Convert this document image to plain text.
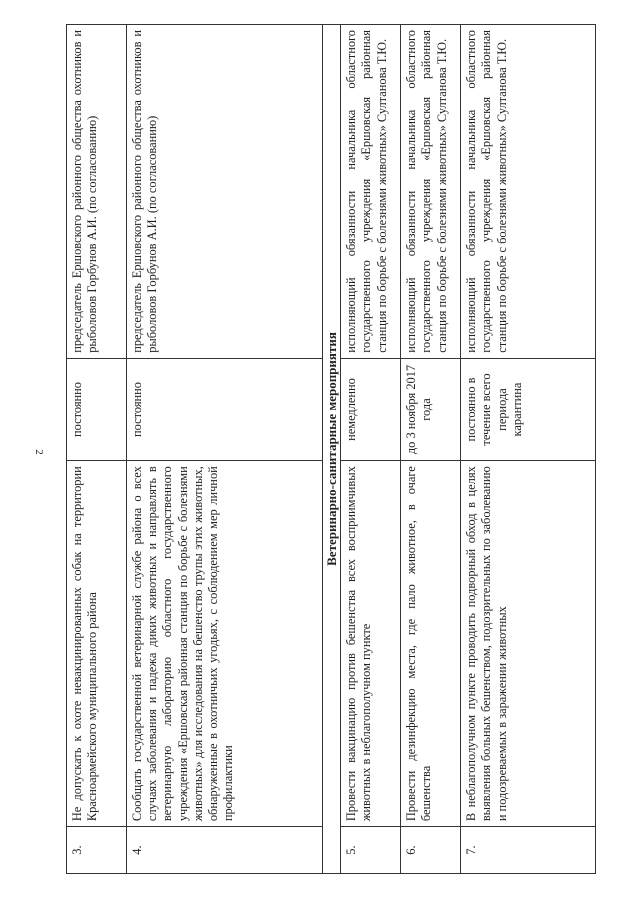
2
3.	Не допускать к охоте невакцинированных собак на территории Красноармейского муниципального района	постоянно	председатель Ершовского районного общества охотников и рыболовов Горбунов А.И. (по согласованию)
4.	Сообщать государственной ветеринарной службе района о всех случаях заболевания и падежа диких животных и направлять в ветеринарную лабораторию областного государственного учреждения «Ершовская районная станция по борьбе с болезнями животных» для исследования на бешенство трупы этих животных, обнаруженные в охотничьих угодьях, с соблюдением мер личной профилактики	постоянно	председатель Ершовского районного общества охотников и рыболовов Горбунов А.И. (по согласованию)
Ветеринарно-санитарные мероприятия			
5.	Провести вакцинацию против бешенства всех восприимчивых животных в неблагополучном пункте	немедленно	исполняющий обязанности начальника областного государственного учреждения «Ершовская районная станция по борьбе с болезнями животных» Султанова Т.Ю.
6.	Провести дезинфекцию места, где пало животное, в очаге бешенства	до 3 ноября 2017 года	исполняющий обязанности начальника областного государственного учреждения «Ершовская районная станция по борьбе с болезнями животных» Султанова Т.Ю.
7.	В неблагополучном пункте проводить подворный обход в целях выявления больных бешенством, подозрительных по заболеванию и подозреваемых в заражении животных	постоянно в течение всего периода карантина	исполняющий обязанности начальника областного государственного учреждения «Ершовская районная станция по борьбе с болезнями животных» Султанова Т.Ю.
